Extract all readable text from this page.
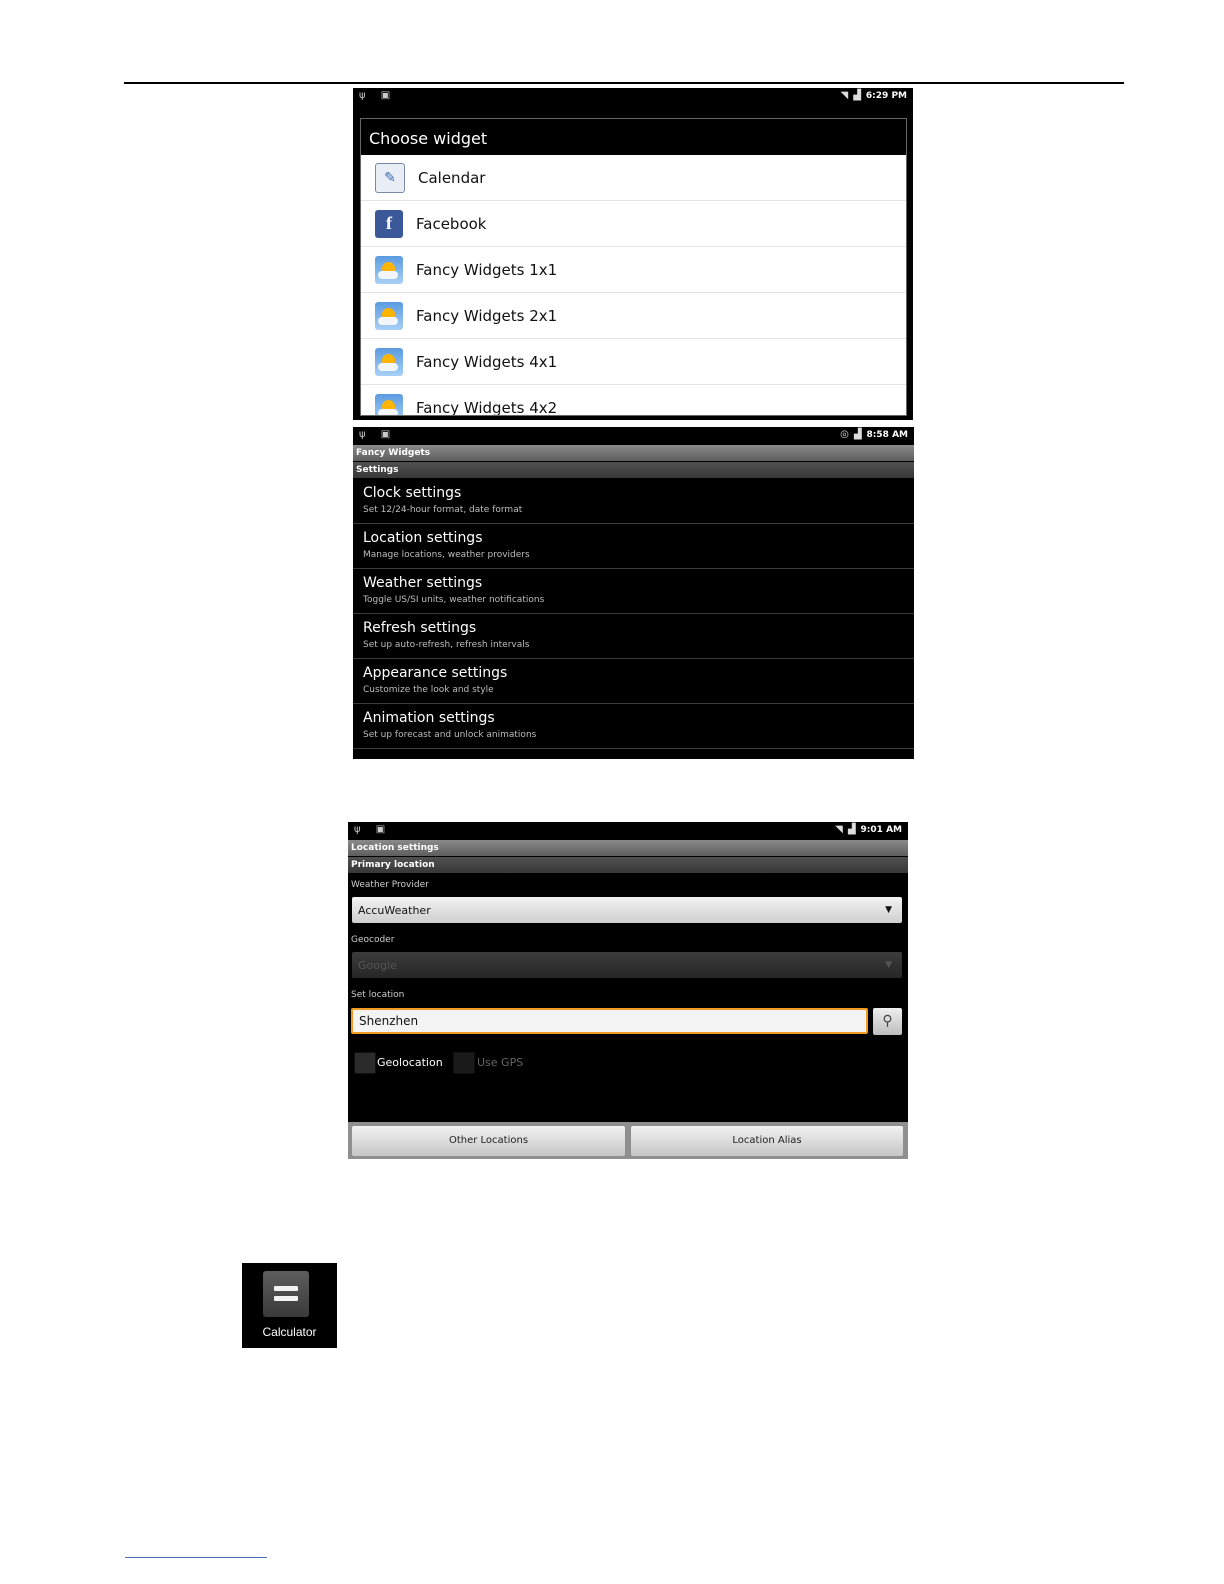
ψ ▣	◥ ▟ 6:29 PM
Choose widget
✎	Calendar
f	Facebook
Fancy Widgets 1x1
Fancy Widgets 2x1
Fancy Widgets 4x1
Fancy Widgets 4x2
ψ ▣	◎ ▟ 8:58 AM
Fancy Widgets
Settings
Clock settings
Set 12/24-hour format, date format
Location settings
Manage locations, weather providers
Weather settings
Toggle US/SI units, weather notifications
Refresh settings
Set up auto-refresh, refresh intervals
Appearance settings
Customize the look and style
Animation settings
Set up forecast and unlock animations
ψ ▣	◥ ▟ 9:01 AM
Location settings
Primary location
Weather Provider
AccuWeather	▼
Geocoder
Google	▼
Set location
Shenzhen	⚲
Geolocation	Use GPS
Other Locations	Location Alias
Calculator
